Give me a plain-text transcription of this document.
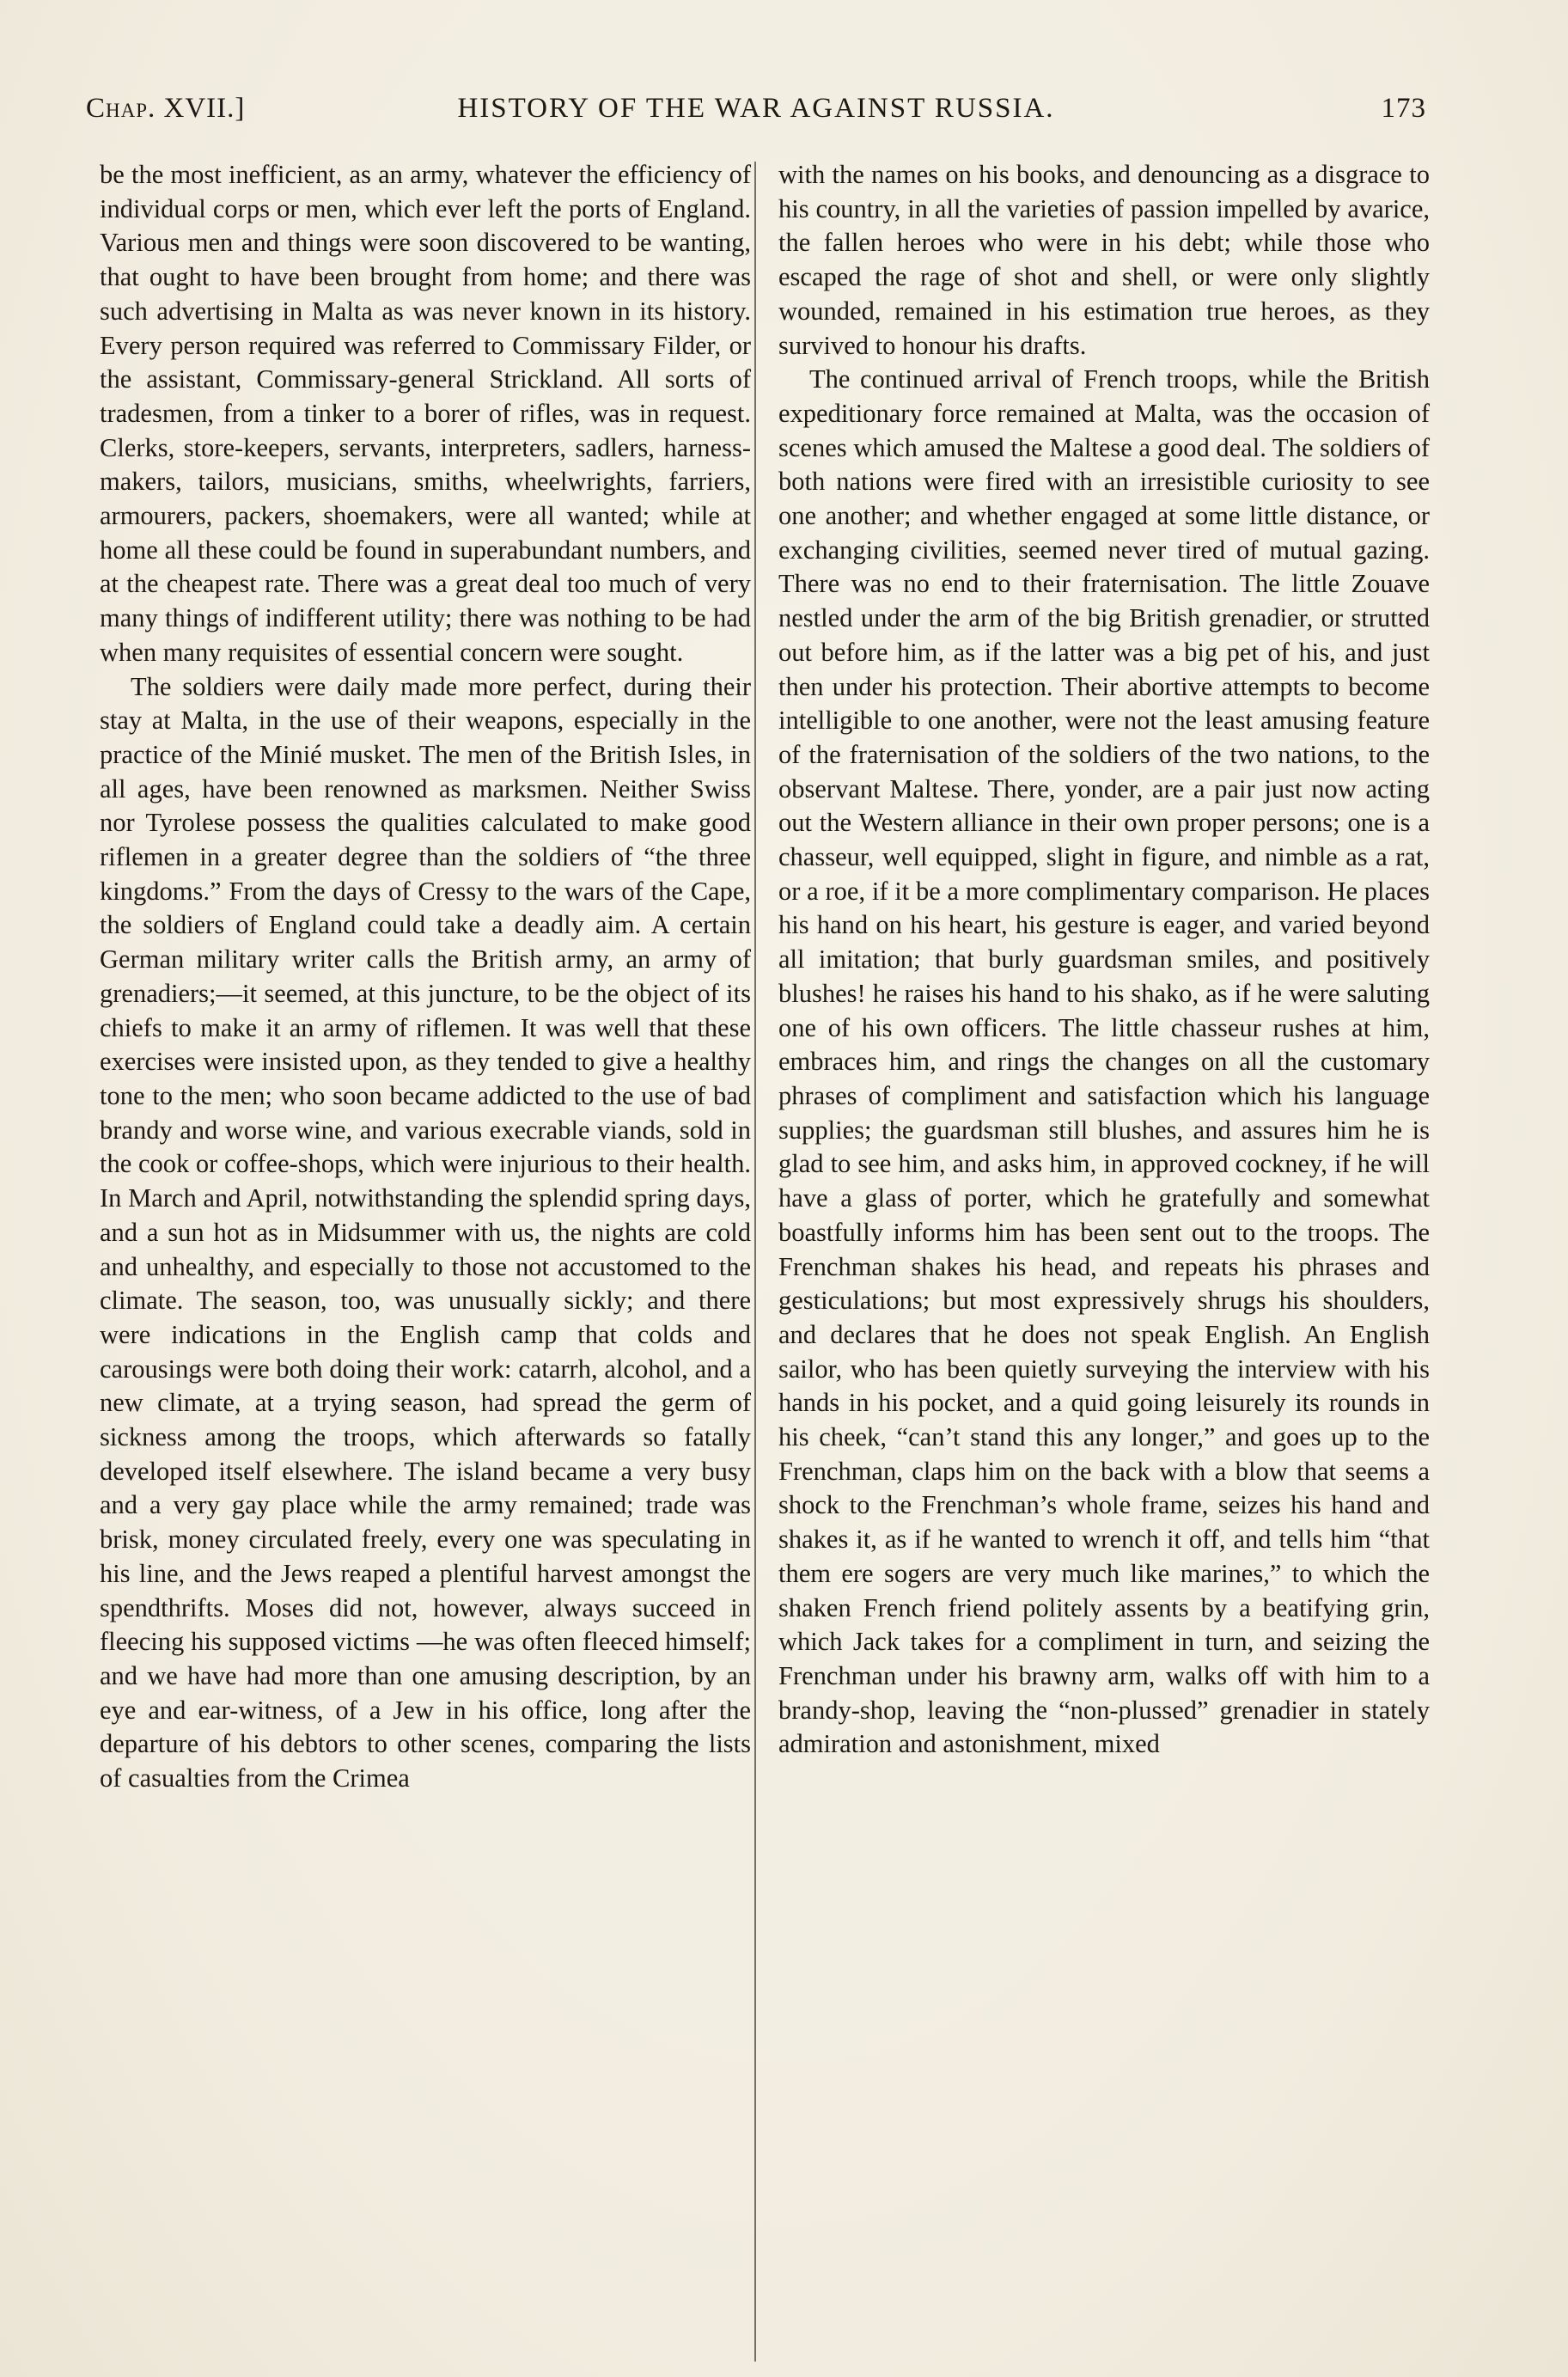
Chap. XVII.]	HISTORY OF THE WAR AGAINST RUSSIA.	173

be the most inefficient, as an army, whatever the efficiency of individual corps or men, which ever left the ports of England. Various men and things were soon discovered to be wanting, that ought to have been brought from home; and there was such advertising in Malta as was never known in its history. Every person required was referred to Commissary Filder, or the assistant, Commissary-general Strickland. All sorts of tradesmen, from a tinker to a borer of rifles, was in request. Clerks, store-keepers, servants, interpreters, sadlers, harness-makers, tailors, musicians, smiths, wheelwrights, farriers, armourers, packers, shoemakers, were all wanted; while at home all these could be found in superabundant numbers, and at the cheapest rate. There was a great deal too much of very many things of indifferent utility; there was nothing to be had when many requisites of essential concern were sought.

The soldiers were daily made more perfect, during their stay at Malta, in the use of their weapons, especially in the practice of the Minié musket. The men of the British Isles, in all ages, have been renowned as marksmen. Neither Swiss nor Tyrolese possess the qualities calculated to make good riflemen in a greater degree than the soldiers of “the three kingdoms.” From the days of Cressy to the wars of the Cape, the soldiers of England could take a deadly aim. A certain German military writer calls the British army, an army of grenadiers;—it seemed, at this juncture, to be the object of its chiefs to make it an army of riflemen. It was well that these exercises were insisted upon, as they tended to give a healthy tone to the men; who soon became addicted to the use of bad brandy and worse wine, and various execrable viands, sold in the cook or coffee-shops, which were injurious to their health. In March and April, notwithstanding the splendid spring days, and a sun hot as in Midsummer with us, the nights are cold and unhealthy, and especially to those not accustomed to the climate. The season, too, was unusually sickly; and there were indications in the English camp that colds and carousings were both doing their work: catarrh, alcohol, and a new climate, at a trying season, had spread the germ of sickness among the troops, which afterwards so fatally developed itself elsewhere. The island became a very busy and a very gay place while the army remained; trade was brisk, money circulated freely, every one was speculating in his line, and the Jews reaped a plentiful harvest amongst the spendthrifts. Moses did not, however, always succeed in fleecing his supposed victims —he was often fleeced himself; and we have had more than one amusing description, by an eye and ear-witness, of a Jew in his office, long after the departure of his debtors to other scenes, comparing the lists of casualties from the Crimea

with the names on his books, and denouncing as a disgrace to his country, in all the varieties of passion impelled by avarice, the fallen heroes who were in his debt; while those who escaped the rage of shot and shell, or were only slightly wounded, remained in his estimation true heroes, as they survived to honour his drafts.

The continued arrival of French troops, while the British expeditionary force remained at Malta, was the occasion of scenes which amused the Maltese a good deal. The soldiers of both nations were fired with an irresistible curiosity to see one another; and whether engaged at some little distance, or exchanging civilities, seemed never tired of mutual gazing. There was no end to their fraternisation. The little Zouave nestled under the arm of the big British grenadier, or strutted out before him, as if the latter was a big pet of his, and just then under his protection. Their abortive attempts to become intelligible to one another, were not the least amusing feature of the fraternisation of the soldiers of the two nations, to the observant Maltese. There, yonder, are a pair just now acting out the Western alliance in their own proper persons; one is a chasseur, well equipped, slight in figure, and nimble as a rat, or a roe, if it be a more complimentary comparison. He places his hand on his heart, his gesture is eager, and varied beyond all imitation; that burly guardsman smiles, and positively blushes! he raises his hand to his shako, as if he were saluting one of his own officers. The little chasseur rushes at him, embraces him, and rings the changes on all the customary phrases of compliment and satisfaction which his language supplies; the guardsman still blushes, and assures him he is glad to see him, and asks him, in approved cockney, if he will have a glass of porter, which he gratefully and somewhat boastfully informs him has been sent out to the troops. The Frenchman shakes his head, and repeats his phrases and gesticulations; but most expressively shrugs his shoulders, and declares that he does not speak English. An English sailor, who has been quietly surveying the interview with his hands in his pocket, and a quid going leisurely its rounds in his cheek, “can’t stand this any longer,” and goes up to the Frenchman, claps him on the back with a blow that seems a shock to the Frenchman’s whole frame, seizes his hand and shakes it, as if he wanted to wrench it off, and tells him “that them ere sogers are very much like marines,” to which the shaken French friend politely assents by a beatifying grin, which Jack takes for a compliment in turn, and seizing the Frenchman under his brawny arm, walks off with him to a brandy-shop, leaving the “non-plussed” grenadier in stately admiration and astonishment, mixed
